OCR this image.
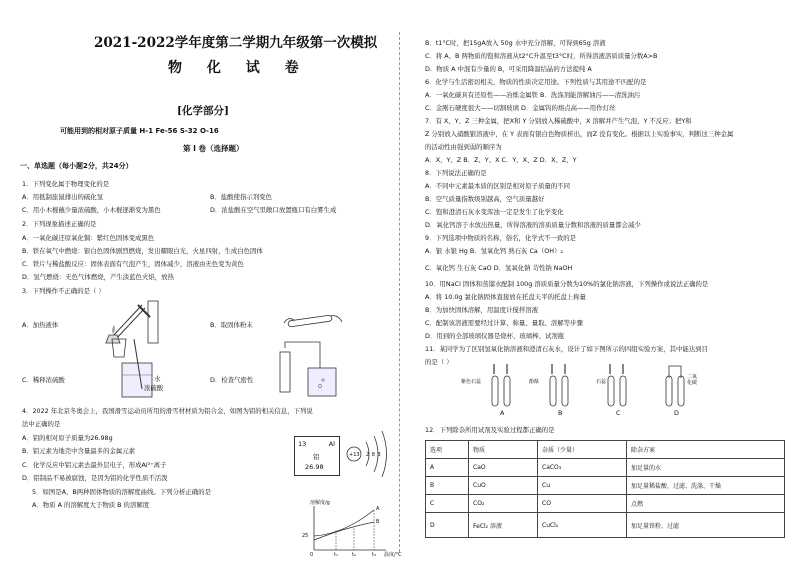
2021-2022学年度第二学期九年级第一次模拟
物 化 试 卷
[化学部分]
可能用到的相对原子质量 H-1 Fe-56 S-32 O-16
第 I 卷（选择题）
一、单选题（每小题2分，共24分）
1．下列变化属于物理变化的是
A．用抵制旅鼠排出的硫化氢	B．盐酸使指示剂变色
C．用小木棍蘸少量浓硫酸，小木棍逐渐变为黑色	D．浓盐酸在空气里敞口放置瓶口有白雾生成
2．下列现象描述正确的是
A．一氧化碳还原氧化铜：紫红色固体变成黑色
B．铁在氧气中燃烧：银白色固体剧烈燃烧，发出耀眼白光，火星四射，生成白色固体
C．铁片与稀盐酸反应：固体表面有气泡产生，固体减少，溶液由无色变为黄色
D．氢气燃烧：无色气体燃烧，产生淡蓝色火焰，放热
3．下列操作不正确的是（ ）
A．加热液体	B．取固体粉末
C．稀释浓硫酸	水
浓硫酸
D．检查气密性
4．2022 年北京冬奥会上，我国滑雪运动员所用的滑雪材材质为铝合金，如图为铝的相关信息，下列说
法中正确的是
A．铝的相对原子质量为26.98g
B．铝元素为地壳中含量最多的金属元素
C．化学反应中铝元素去最外层电子，形成Al³⁺离子
D．铝制品不易被腐蚀，是因为铝的化学性质不活泼
13	Al
铝
26.98
+13 2 8 3
5．如图是A、B两种固体物质的溶解度曲线。下列分析正确的是
A．物质 A 的溶解度大于物质 B 的溶解度	溶解度/g
25
A
B
0	t₁	t₂	t₃ 温度/°C
B．t1°C时，把15gA放入 50g 水中充分溶解，可得到65g 溶液
C．将 A、B 两物质的饱和溶液从t2°C升温至t3°C时，所得溶液溶质质量分数A>B
D．物质 A 中混有少量的 B，可采用降温结晶的方法提纯 A
6．化学与生活密切相关，物质的性质决定用途。下列性质与其用途不匹配的是
A．一氧化碳具有还原性——冶炼金属铁 B．洗涤剂能溶解油污——清洗油污
C．金刚石硬度很大——切割玻璃 D．金属钨的熔点高——用作灯丝
7．有 X、Y、Z 三种金属，把X和 Y 分别放入稀硫酸中，X 溶解并产生气泡，Y 不反应；把Y和
Z 分别放入硝酸银溶液中，在 Y 表面有银白色物质析出，而Z 没有变化。根据以上实验事实，判断这三种金属
的活动性由强到弱的顺序为
A．X、Y、Z B．Z、Y、X C．Y、X、Z D．X、Z、Y
8．下列说法正确的是
A．不同中元素最本质的区别是相对原子质量的不同
B．空气质量指数级别越高，空气质量越好
C．饱和澄清石灰水变浑浊一定是发生了化学变化
D．氧化钙溶于水放出热量，所得溶液的溶质质量分数和溶液的质量都会减少
9．下列选项中物质的名称，俗名，化学式不一致的是
A．银 水银 Hg B．氢氧化钙 熟石灰 Ca（OH）₂
C．氧化钙 生石灰 CaO D．氢氧化钠 苛性钠 NaOH
10．用NaCl 固体和蒸馏水配制 100g 溶质质量分数为10%的氯化钠溶液，下列操作或说法正确的是
A．将 10.0g 氯化钠固体直接放在托盘天平的托盘上称量
B．为加快固体溶解，用温度计搅拌溶液
C．配制该溶液需要经过计算、称量、量取、溶解等步骤
D．用到的全部玻璃仪器是烧杯、玻璃棒、试剂瓶
11．某同学为了区别氢氧化钠溶液和澄清石灰水，设计了如下图所示的四组实验方案，其中能达到目
的是（ ）
紫色石蕊	酚酞	石蕊
二氧化碳
A	B	C	D
12．下列除杂所用试剂及实验过程都正确的是
选项	物质	杂质（少量）	除杂方案
A	CaO	CaCO₃	加足量的水
B	CuO	Cu	加足量稀盐酸、过滤、洗涤、干燥
C	CO₂	CO	点燃
D	FeCl₂ 溶液	CuCl₂	加足量铁粉、过滤
